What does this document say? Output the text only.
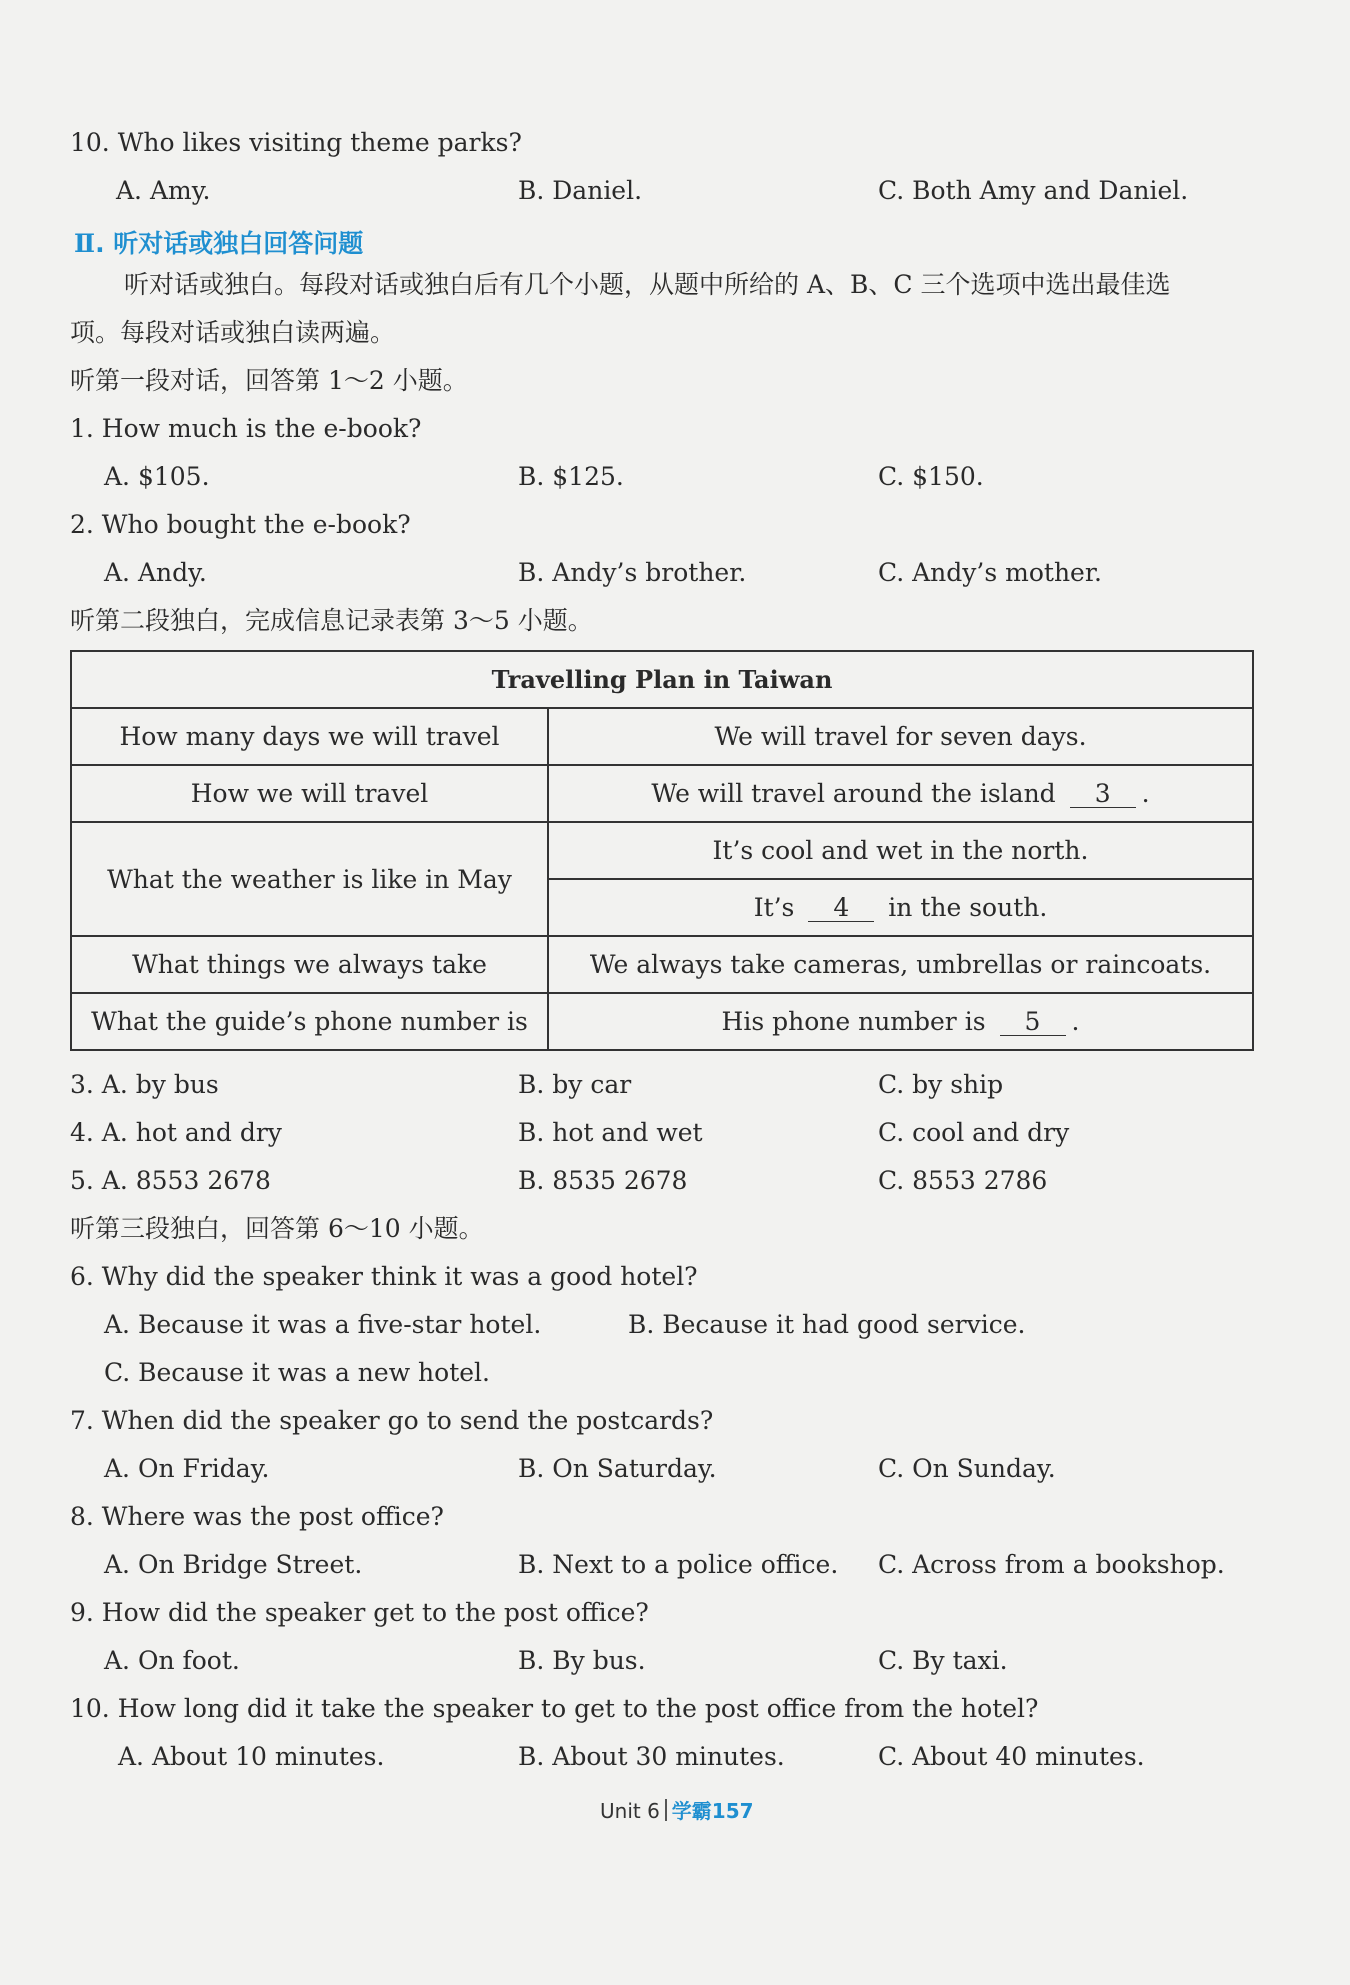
10. Who likes visiting theme parks?
A. Amy.	B. Daniel.	C. Both Amy and Daniel.
Ⅱ. 听对话或独白回答问题
听对话或独白。每段对话或独白后有几个小题，从题中所给的 A、B、C 三个选项中选出最佳选
项。每段对话或独白读两遍。
听第一段对话，回答第 1～2 小题。
1. How much is the e-book?
A. $105.	B. $125.	C. $150.
2. Who bought the e-book?
A. Andy.	B. Andy’s brother.	C. Andy’s mother.
听第二段独白，完成信息记录表第 3～5 小题。
Travelling Plan in Taiwan	
How many days we will travel	We will travel for seven days.
How we will travel	We will travel around the island 3 .
What the weather is like in May	It’s cool and wet in the north.
	It’s 4 in the south.
What things we always take	We always take cameras, umbrellas or raincoats.
What the guide’s phone number is	His phone number is 5 .
3. A. by bus	B. by car	C. by ship
4. A. hot and dry	B. hot and wet	C. cool and dry
5. A. 8553 2678	B. 8535 2678	C. 8553 2786
听第三段独白，回答第 6～10 小题。
6. Why did the speaker think it was a good hotel?
A. Because it was a five-star hotel.	B. Because it had good service.
C. Because it was a new hotel.
7. When did the speaker go to send the postcards?
A. On Friday.	B. On Saturday.	C. On Sunday.
8. Where was the post office?
A. On Bridge Street.	B. Next to a police office. C. Across from a bookshop.
9. How did the speaker get to the post office?
A. On foot.	B. By bus.	C. By taxi.
10. How long did it take the speaker to get to the post office from the hotel?
A. About 10 minutes.	B. About 30 minutes.	C. About 40 minutes.
Unit 6 学霸157
